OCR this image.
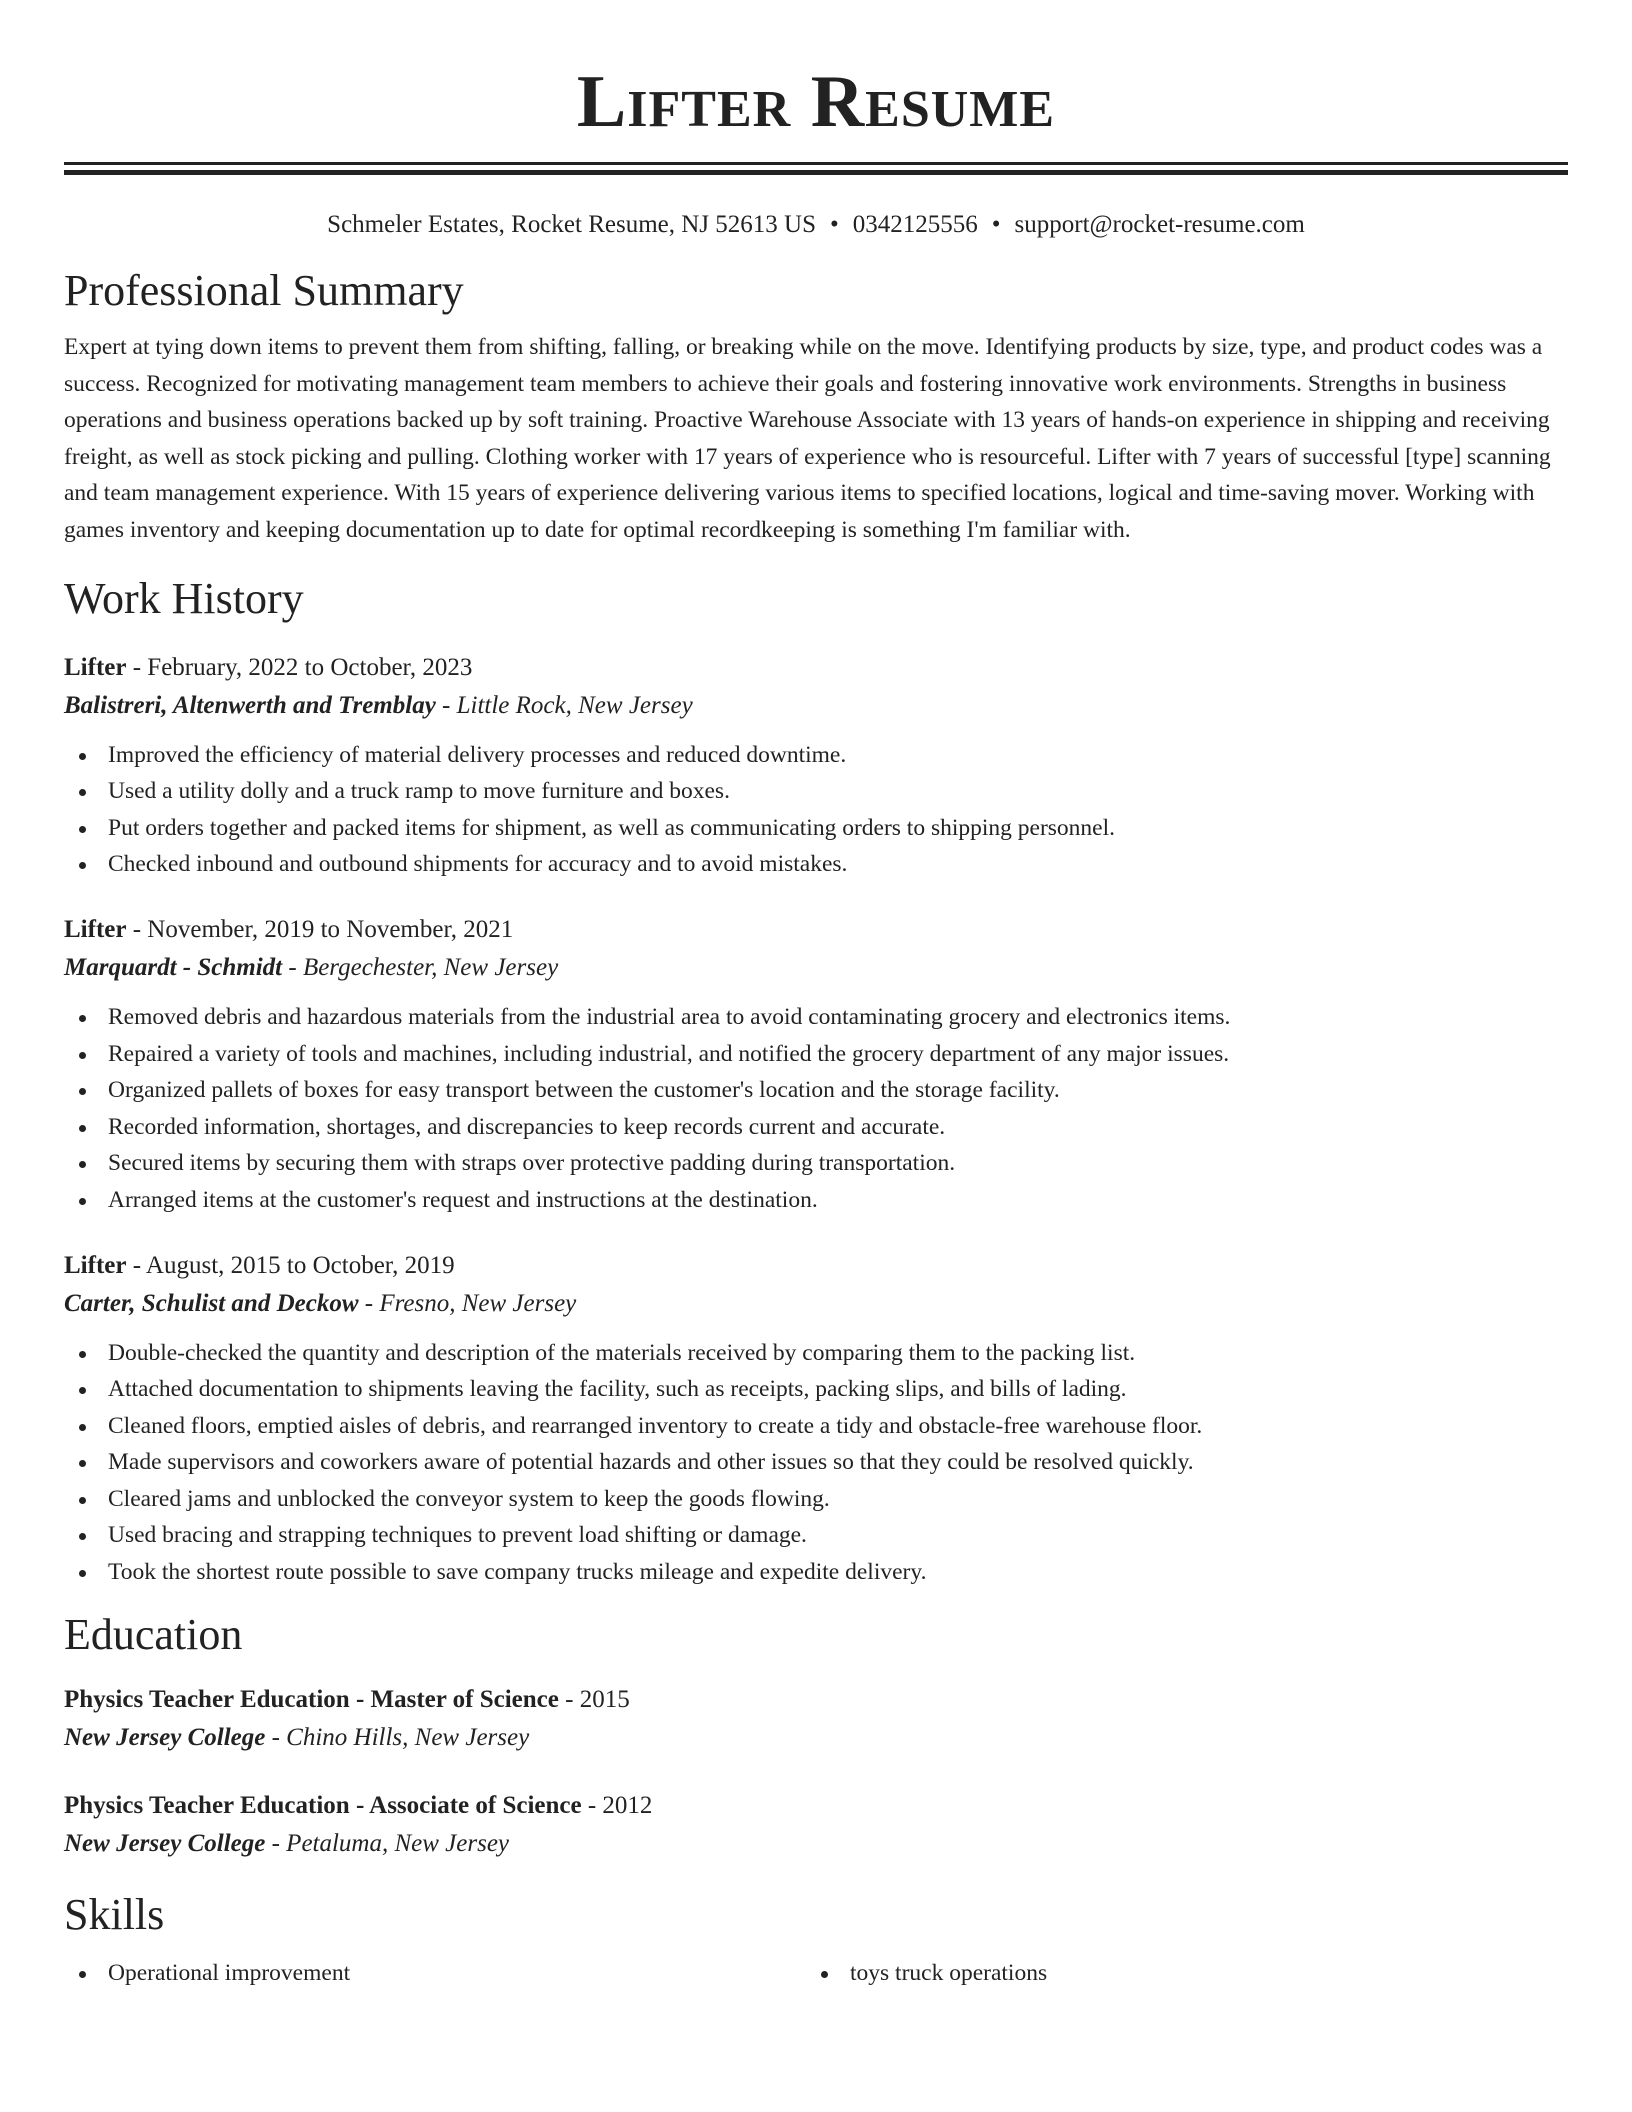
Lifter Resume
Schmeler Estates, Rocket Resume, NJ 52613 US • 0342125556 • support@rocket-resume.com
Professional Summary
Expert at tying down items to prevent them from shifting, falling, or breaking while on the move. Identifying products by size, type, and product codes was a success. Recognized for motivating management team members to achieve their goals and fostering innovative work environments. Strengths in business operations and business operations backed up by soft training. Proactive Warehouse Associate with 13 years of hands-on experience in shipping and receiving freight, as well as stock picking and pulling. Clothing worker with 17 years of experience who is resourceful. Lifter with 7 years of successful [type] scanning and team management experience. With 15 years of experience delivering various items to specified locations, logical and time-saving mover. Working with games inventory and keeping documentation up to date for optimal recordkeeping is something I'm familiar with.
Work History
Lifter - February, 2022 to October, 2023
Balistreri, Altenwerth and Tremblay - Little Rock, New Jersey
Improved the efficiency of material delivery processes and reduced downtime.
Used a utility dolly and a truck ramp to move furniture and boxes.
Put orders together and packed items for shipment, as well as communicating orders to shipping personnel.
Checked inbound and outbound shipments for accuracy and to avoid mistakes.
Lifter - November, 2019 to November, 2021
Marquardt - Schmidt - Bergechester, New Jersey
Removed debris and hazardous materials from the industrial area to avoid contaminating grocery and electronics items.
Repaired a variety of tools and machines, including industrial, and notified the grocery department of any major issues.
Organized pallets of boxes for easy transport between the customer's location and the storage facility.
Recorded information, shortages, and discrepancies to keep records current and accurate.
Secured items by securing them with straps over protective padding during transportation.
Arranged items at the customer's request and instructions at the destination.
Lifter - August, 2015 to October, 2019
Carter, Schulist and Deckow - Fresno, New Jersey
Double-checked the quantity and description of the materials received by comparing them to the packing list.
Attached documentation to shipments leaving the facility, such as receipts, packing slips, and bills of lading.
Cleaned floors, emptied aisles of debris, and rearranged inventory to create a tidy and obstacle-free warehouse floor.
Made supervisors and coworkers aware of potential hazards and other issues so that they could be resolved quickly.
Cleared jams and unblocked the conveyor system to keep the goods flowing.
Used bracing and strapping techniques to prevent load shifting or damage.
Took the shortest route possible to save company trucks mileage and expedite delivery.
Education
Physics Teacher Education - Master of Science - 2015
New Jersey College - Chino Hills, New Jersey
Physics Teacher Education - Associate of Science - 2012
New Jersey College - Petaluma, New Jersey
Skills
Operational improvement	toys truck operations
